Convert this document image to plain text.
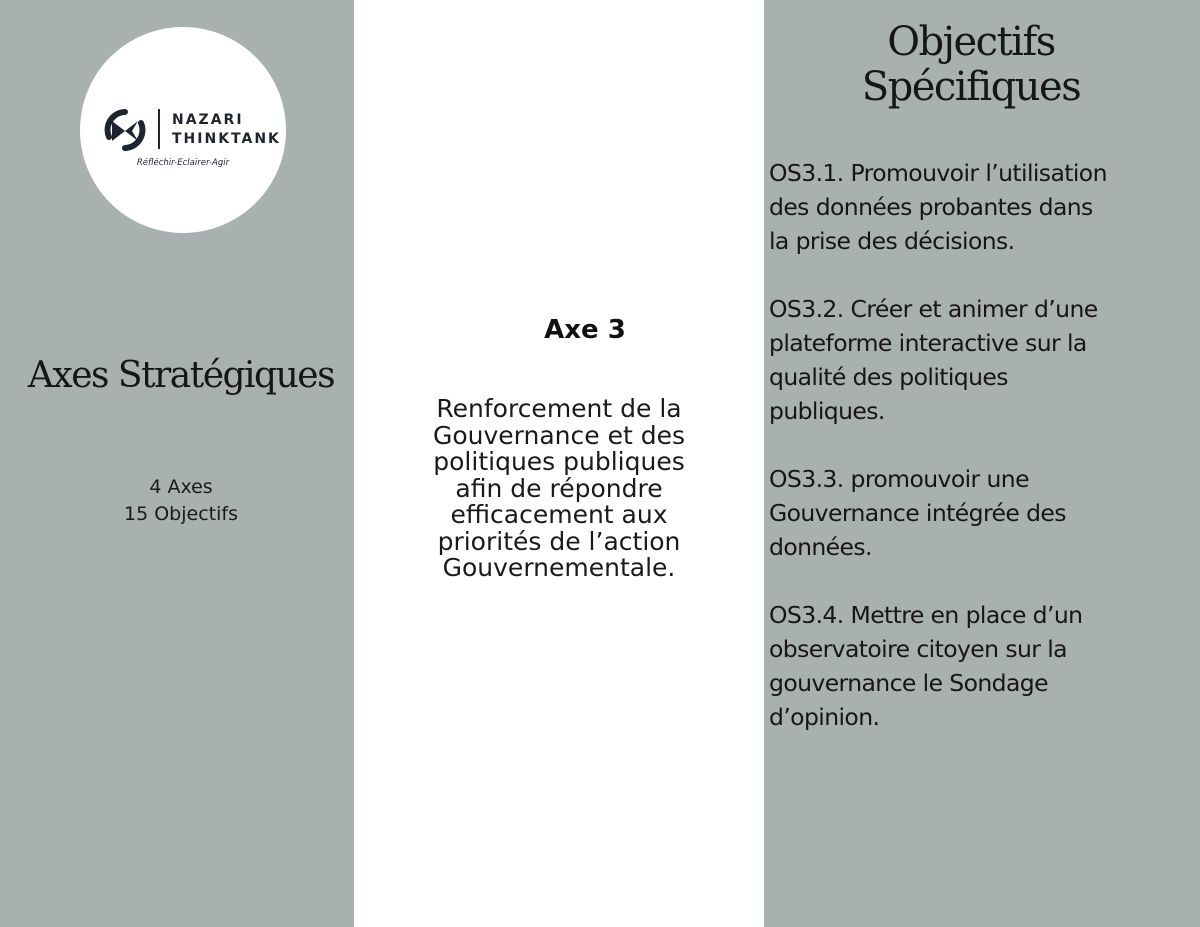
NAZARI
THINKTANK
Réfléchir-Eclairer-Agir
Axes Stratégiques
4 Axes
15 Objectifs
Axe 3
Renforcement de la
Gouvernance et des
politiques publiques
afin de répondre
efficacement aux
priorités de l’action
Gouvernementale.
Objectifs
Spécifiques
OS3.1. Promouvoir l’utilisation
des données probantes dans
la prise des décisions.
OS3.2. Créer et animer d’une
plateforme interactive sur la
qualité des politiques
publiques.
OS3.3. promouvoir une
Gouvernance intégrée des
données.
OS3.4. Mettre en place d’un
observatoire citoyen sur la
gouvernance le Sondage
d’opinion.
